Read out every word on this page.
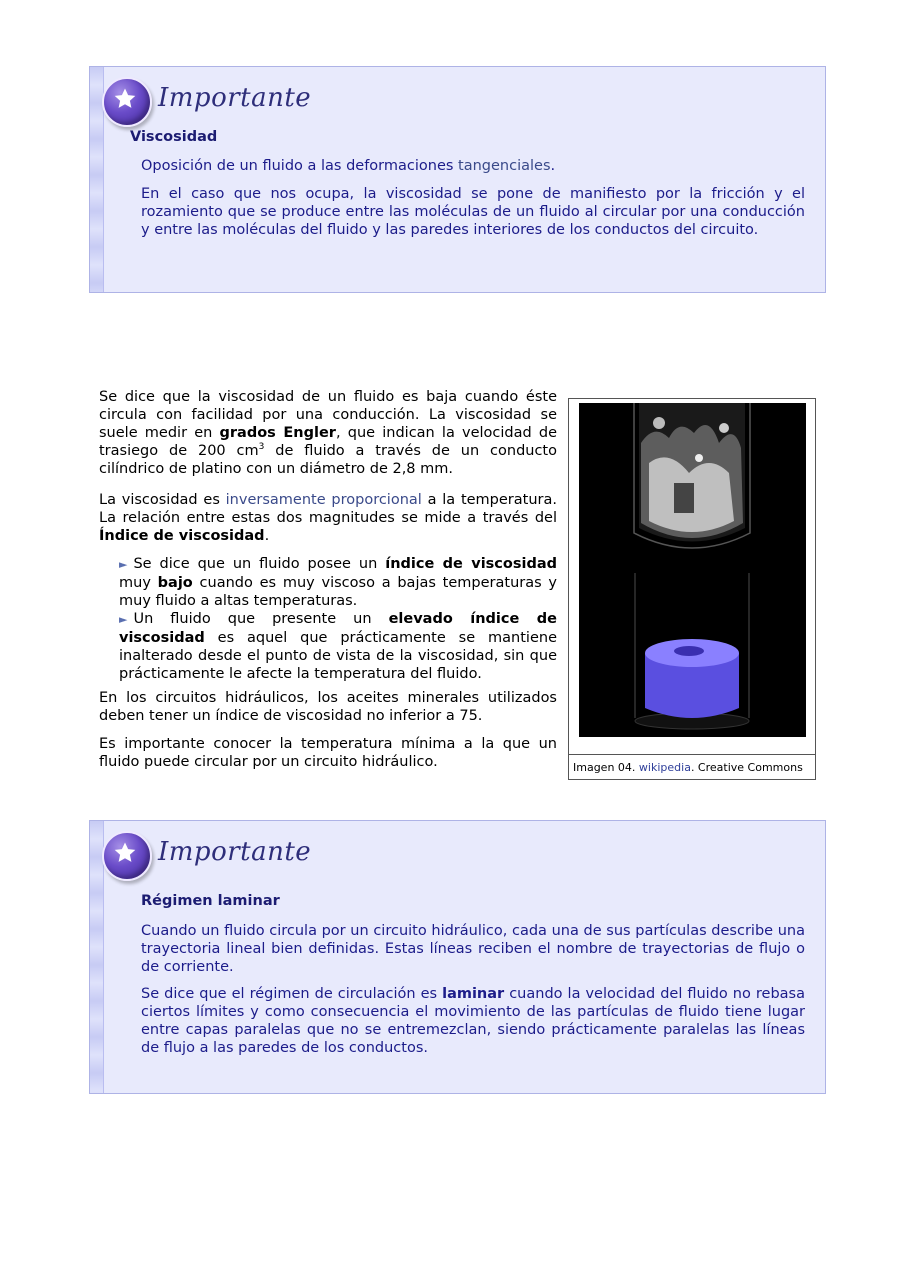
Importante
Viscosidad

Oposición de un fluido a las deformaciones tangenciales.

En el caso que nos ocupa, la viscosidad se pone de manifiesto por la fricción y el rozamiento que se produce entre las moléculas de un fluido al circular por una conducción y entre las moléculas del fluido y las paredes interiores de los conductos del circuito.

Se dice que la viscosidad de un fluido es baja cuando éste circula con facilidad por una conducción. La viscosidad se suele medir en grados Engler, que indican la velocidad de trasiego de 200 $cm^3$ de fluido a través de un conducto cilíndrico de platino con un diámetro de 2,8 mm.

La viscosidad es inversamente proporcional a la temperatura. La relación entre estas dos magnitudes se mide a través del Índice de viscosidad.

► Se dice que un fluido posee un índice de viscosidad muy bajo cuando es muy viscoso a bajas temperaturas y muy fluido a altas temperaturas.

► Un fluido que presente un elevado índice de viscosidad es aquel que prácticamente se mantiene inalterado desde el punto de vista de la viscosidad, sin que prácticamente le afecte la temperatura del fluido.

En los circuitos hidráulicos, los aceites minerales utilizados deben tener un índice de viscosidad no inferior a 75.

Es importante conocer la temperatura mínima a la que un fluido puede circular por un circuito hidráulico.	Imagen 04. wikipedia. Creative Commons
Importante
Régimen laminar

Cuando un fluido circula por un circuito hidráulico, cada una de sus partículas describe una trayectoria lineal bien definidas. Estas líneas reciben el nombre de trayectorias de flujo o de corriente.

Se dice que el régimen de circulación es laminar cuando la velocidad del fluido no rebasa ciertos límites y como consecuencia el movimiento de las partículas de fluido tiene lugar entre capas paralelas que no se entremezclan, siendo prácticamente paralelas las líneas de flujo a las paredes de los conductos.
